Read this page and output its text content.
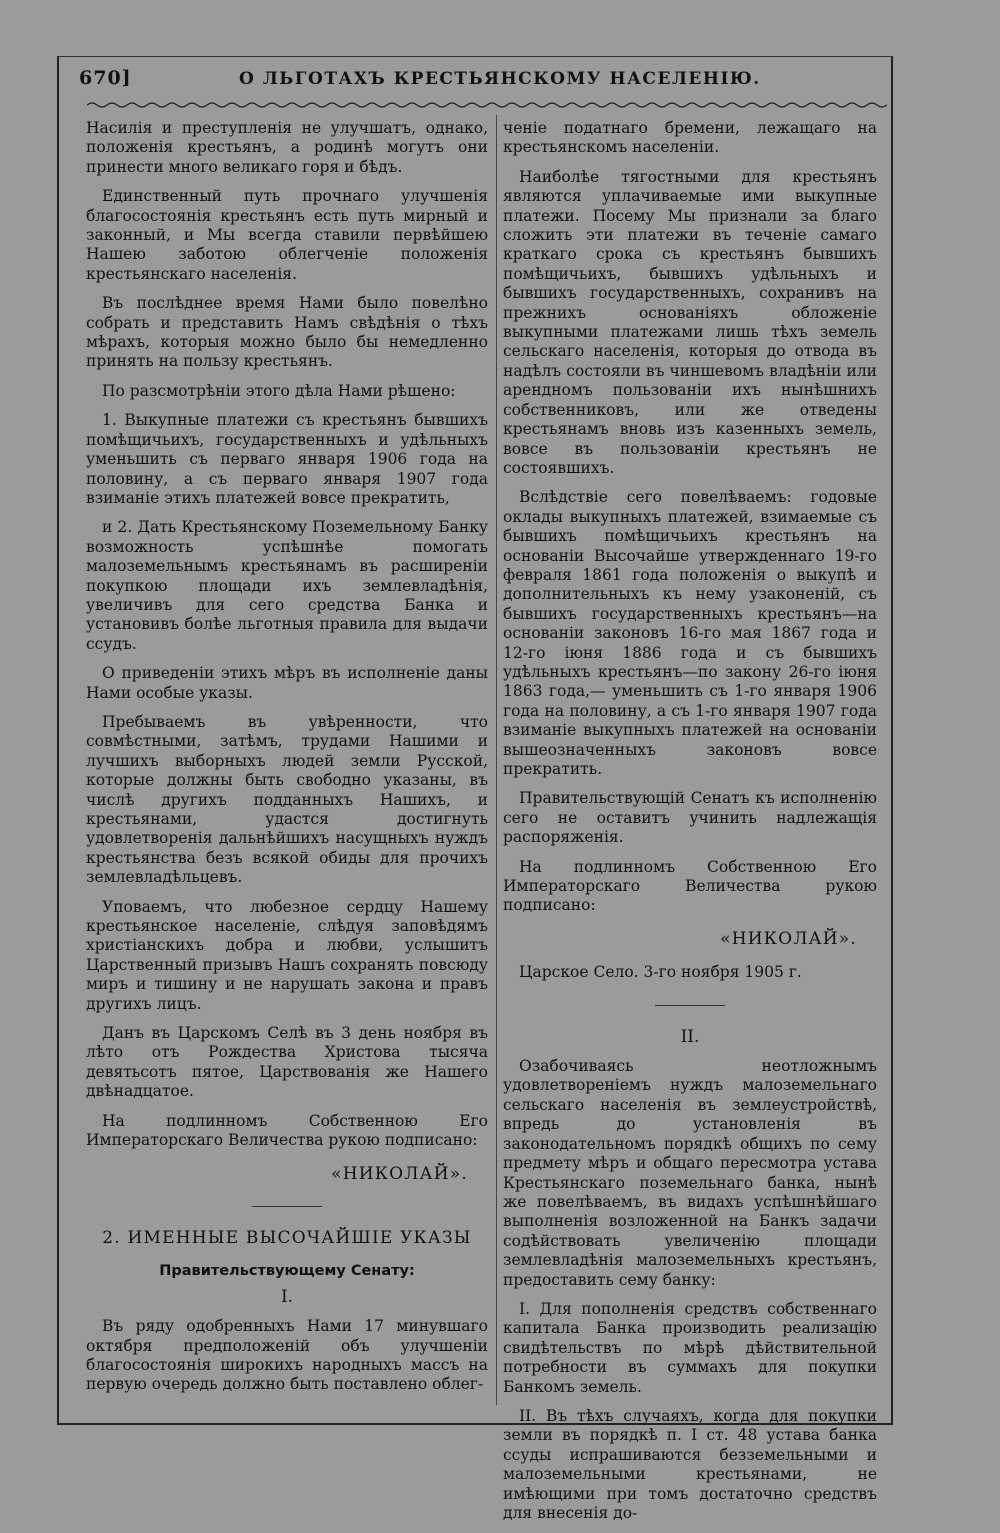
670]	О ЛЬГОТАХЪ КРЕСТЬЯНСКОМУ НАСЕЛЕНІЮ.

Насилія и преступленія не улучшатъ, однако, положенія крестьянъ, а родинѣ могутъ они принести много великаго горя и бѣдъ.

Единственный путь прочнаго улучшенія благосостоянія крестьянъ есть путь мирный и законный, и Мы всегда ставили первѣйшею Нашею заботою облегченіе положенія крестьянскаго населенія.

Въ послѣднее время Нами было повелѣно собрать и представить Намъ свѣдѣнія о тѣхъ мѣрахъ, которыя можно было бы немедленно принять на пользу крестьянъ.

По разсмотрѣніи этого дѣла Нами рѣшено:

1. Выкупные платежи съ крестьянъ бывшихъ помѣщичьихъ, государственныхъ и удѣльныхъ уменьшить съ перваго января 1906 года на половину, а съ перваго января 1907 года взиманіе этихъ платежей вовсе прекратить,

и 2. Дать Крестьянскому Поземельному Банку возможность успѣшнѣе помогать малоземельнымъ крестьянамъ въ расширеніи покупкою площади ихъ землевладѣнія, увеличивъ для сего средства Банка и установивъ болѣе льготныя правила для выдачи ссудъ.

О приведеніи этихъ мѣръ въ исполненіе даны Нами особые указы.

Пребываемъ въ увѣренности, что совмѣстными, затѣмъ, трудами Нашими и лучшихъ выборныхъ людей земли Русской, которые должны быть свободно указаны, въ числѣ другихъ подданныхъ Нашихъ, и крестьянами, удастся достигнуть удовлетворенія дальнѣйшихъ насущныхъ нуждъ крестьянства безъ всякой обиды для прочихъ землевладѣльцевъ.

Уповаемъ, что любезное сердцу Нашему крестьянское населеніе, слѣдуя заповѣдямъ христіанскихъ добра и любви, услышитъ Царственный призывъ Нашъ сохранять повсюду миръ и тишину и не нарушать закона и правъ другихъ лицъ.

Данъ въ Царскомъ Селѣ въ 3 день ноября въ лѣто отъ Рождества Христова тысяча девятьсотъ пятое, Царствованія же Нашего двѣнадцатое.

На подлинномъ Собственною Его Императорскаго Величества рукою подписано:

«НИКОЛАЙ».
2. ИМЕННЫЕ ВЫСОЧАЙШІЕ УКАЗЫ
Правительствующему Сенату:
I.

Въ ряду одобренныхъ Нами 17 минувшаго октября предположеній объ улучшеніи благосостоянія широкихъ народныхъ массъ на первую очередь должно быть поставлено облег-

ченіе податнаго бремени, лежащаго на крестьянскомъ населеніи.

Наиболѣе тягостными для крестьянъ являются уплачиваемые ими выкупные платежи. Посему Мы признали за благо сложить эти платежи въ теченіе самаго краткаго срока съ крестьянъ бывшихъ помѣщичьихъ, бывшихъ удѣльныхъ и бывшихъ государственныхъ, сохранивъ на прежнихъ основаніяхъ обложеніе выкупными платежами лишь тѣхъ земель сельскаго населенія, которыя до отвода въ надѣлъ состояли въ чиншевомъ владѣніи или арендномъ пользованіи ихъ нынѣшнихъ собственниковъ, или же отведены крестьянамъ вновь изъ казенныхъ земель, вовсе въ пользованіи крестьянъ не состоявшихъ.

Вслѣдствіе сего повелѣваемъ: годовые оклады выкупныхъ платежей, взимаемые съ бывшихъ помѣщичьихъ крестьянъ на основаніи Высочайше утвержденнаго 19-го февраля 1861 года положенія о выкупѣ и дополнительныхъ къ нему узаконеній, съ бывшихъ государственныхъ крестьянъ—на основаніи законовъ 16-го мая 1867 года и 12-го іюня 1886 года и съ бывшихъ удѣльныхъ крестьянъ—по закону 26-го іюня 1863 года,— уменьшить съ 1-го января 1906 года на половину, а съ 1-го января 1907 года взиманіе выкупныхъ платежей на основаніи вышеозначенныхъ законовъ вовсе прекратить.

Правительствующій Сенатъ къ исполненію сего не оставитъ учинить надлежащія распоряженія.

На подлинномъ Собственною Его Императорскаго Величества рукою подписано:

«НИКОЛАЙ».
Царское Село. 3-го ноября 1905 г.
II.

Озабочиваясь неотложнымъ удовлетвореніемъ нуждъ малоземельнаго сельскаго населенія въ землеустройствѣ, впредь до установленія въ законодательномъ порядкѣ общихъ по сему предмету мѣръ и общаго пересмотра устава Крестьянскаго поземельнаго банка, нынѣ же повелѣваемъ, въ видахъ успѣшнѣйшаго выполненія возложенной на Банкъ задачи содѣйствовать увеличенію площади землевладѣнія малоземельныхъ крестьянъ, предоставить сему банку:

I. Для пополненія средствъ собственнаго капитала Банка производить реализацію свидѣтельствъ по мѣрѣ дѣйствительной потребности въ суммахъ для покупки Банкомъ земель.

II. Въ тѣхъ случаяхъ, когда для покупки земли въ порядкѣ п. I ст. 48 устава банка ссуды испрашиваются безземельными и малоземельными крестьянами, не имѣющими при томъ достаточно средствъ для внесенія до-
